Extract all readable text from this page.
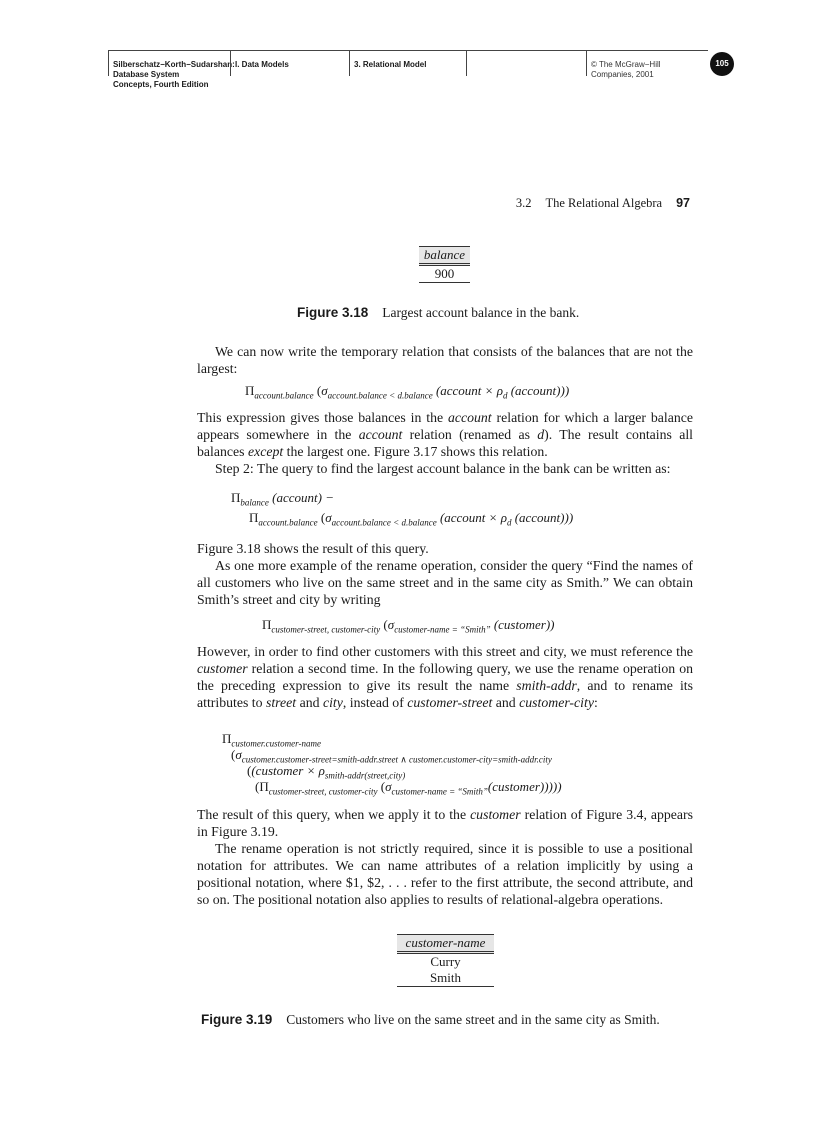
Silberschatz−Korth−Sudarshan:
Database System
Concepts, Fourth Edition
I. Data Models	3. Relational Model	© The McGraw−Hill
Companies, 2001
105
3.2 The Relational Algebra 97
balance
900
Figure 3.18 Largest account balance in the bank.

We can now write the temporary relation that consists of the balances that are not the largest:

$\Pi_{account.balance}$ ($\sigma_{account.balance < d.balance}$ (account × $\rho_d$ (account)))

This expression gives those balances in the account relation for which a larger balance appears somewhere in the account relation (renamed as d). The result contains all balances except the largest one. Figure 3.17 shows this relation.

Step 2: The query to find the largest account balance in the bank can be written as:

$\Pi_{balance}$ (account) −
$\Pi_{account.balance}$ ($\sigma_{account.balance < d.balance}$ (account × $\rho_d$ (account)))

Figure 3.18 shows the result of this query.

As one more example of the rename operation, consider the query “Find the names of all customers who live on the same street and in the same city as Smith.” We can obtain Smith’s street and city by writing

$\Pi_{customer-street, customer-city}$ ($\sigma_{customer-name = “Smith”}$ (customer))

However, in order to find other customers with this street and city, we must reference the customer relation a second time. In the following query, we use the rename operation on the preceding expression to give its result the name smith-addr, and to rename its attributes to street and city, instead of customer-street and customer-city:

$\Pi_{customer.customer-name}$
($\sigma_{customer.customer-street=smith-addr.street \wedge customer.customer-city=smith-addr.city}$
((customer × $\rho_{smith-addr(street,city)}$
($\Pi_{customer-street, customer-city}$ $(\sigma_{customer-name = “Smith”}(customer))$)))

The result of this query, when we apply it to the customer relation of Figure 3.4, appears in Figure 3.19.

The rename operation is not strictly required, since it is possible to use a positional notation for attributes. We can name attributes of a relation implicitly by using a positional notation, where $1, $2, . . . refer to the first attribute, the second attribute, and so on. The positional notation also applies to results of relational-algebra operations.

customer-name
Curry
Smith
Figure 3.19 Customers who live on the same street and in the same city as Smith.
